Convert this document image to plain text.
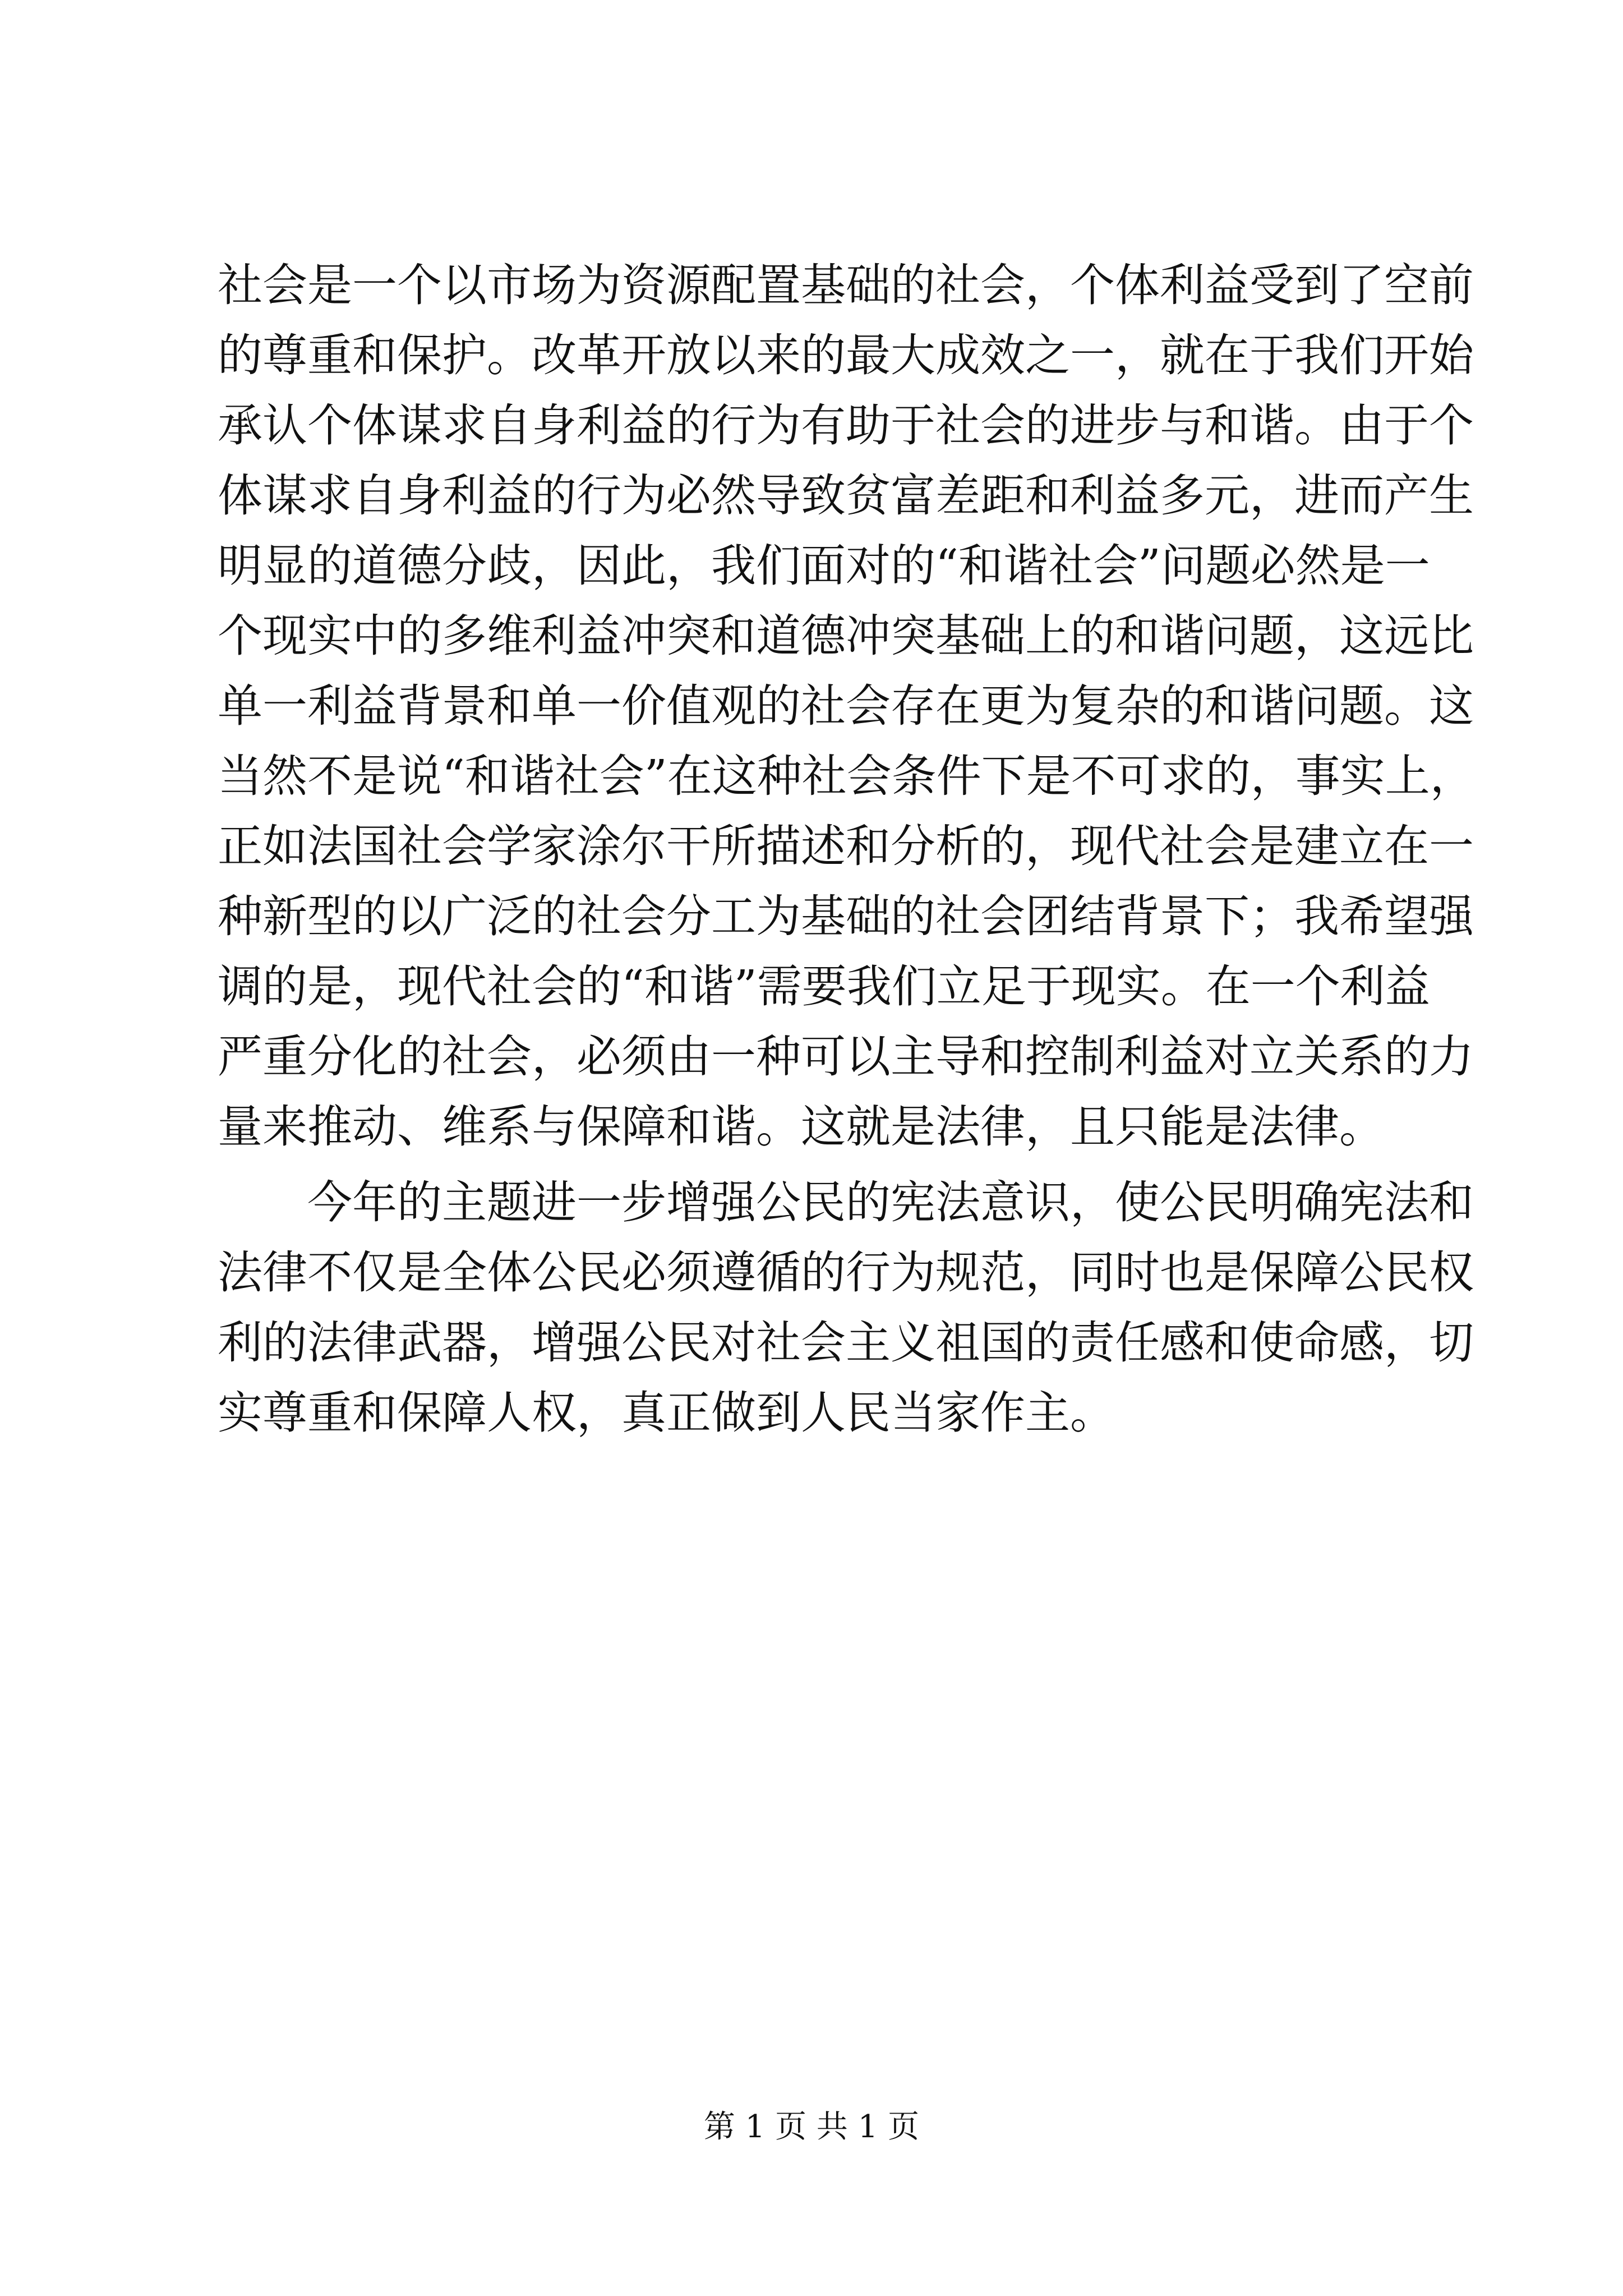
社会是一个以市场为资源配置基础的社会，个体利益受到了空前
的尊重和保护。改革开放以来的最大成效之一，就在于我们开始
承认个体谋求自身利益的行为有助于社会的进步与和谐。由于个
体谋求自身利益的行为必然导致贫富差距和利益多元，进而产生
明显的道德分歧，因此，我们面对的“和谐社会”问题必然是一
个现实中的多维利益冲突和道德冲突基础上的和谐问题，这远比
单一利益背景和单一价值观的社会存在更为复杂的和谐问题。这
当然不是说“和谐社会”在这种社会条件下是不可求的，事实上，
正如法国社会学家涂尔干所描述和分析的，现代社会是建立在一
种新型的以广泛的社会分工为基础的社会团结背景下；我希望强
调的是，现代社会的“和谐”需要我们立足于现实。在一个利益
严重分化的社会，必须由一种可以主导和控制利益对立关系的力
量来推动、维系与保障和谐。这就是法律，且只能是法律。
今年的主题进一步增强公民的宪法意识，使公民明确宪法和
法律不仅是全体公民必须遵循的行为规范，同时也是保障公民权
利的法律武器，增强公民对社会主义祖国的责任感和使命感，切
实尊重和保障人权，真正做到人民当家作主。
第 1 页 共 1 页
